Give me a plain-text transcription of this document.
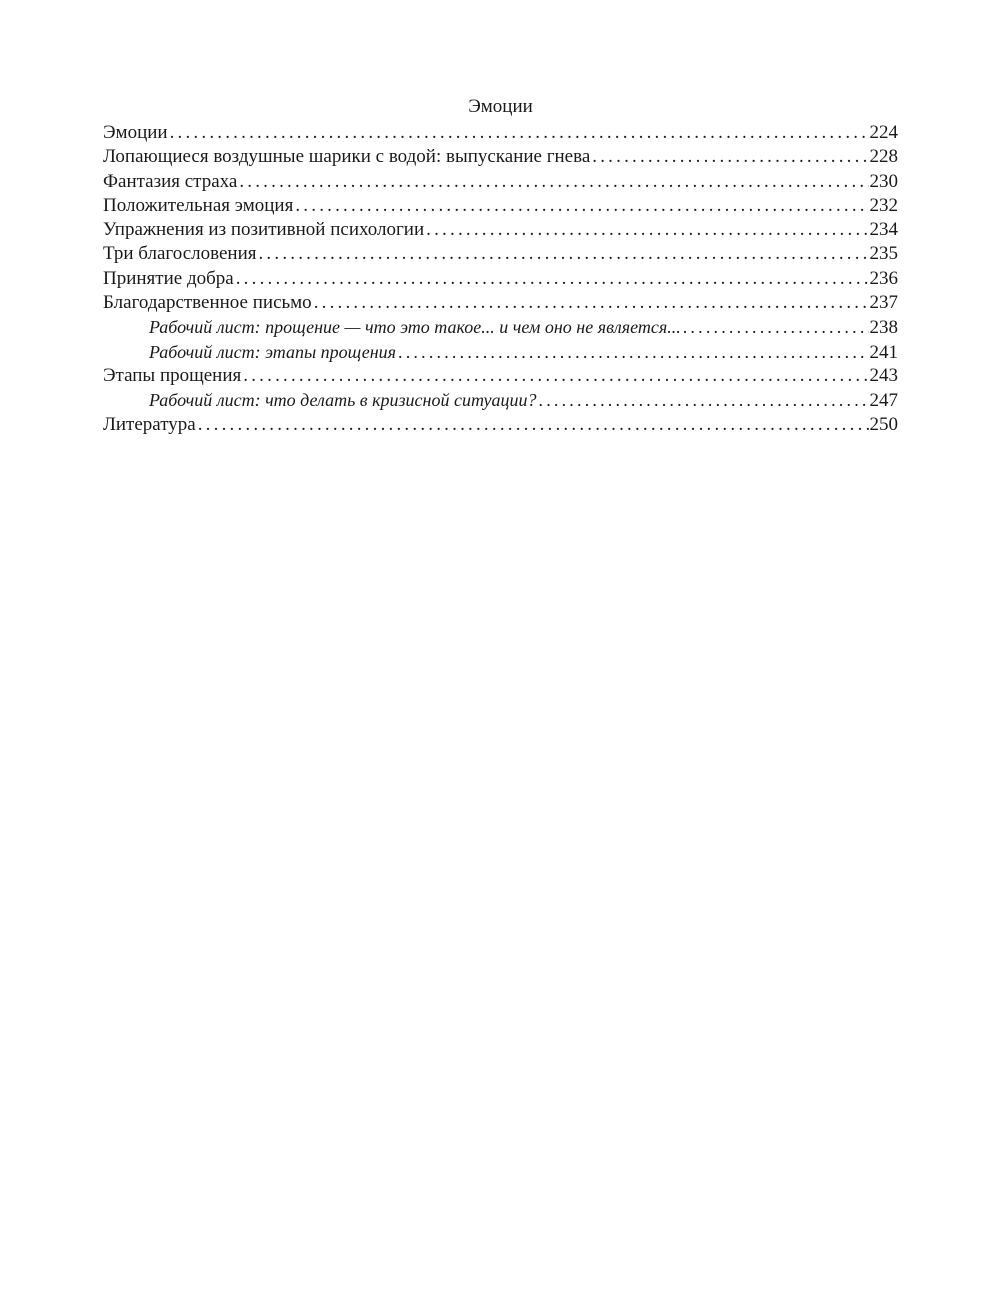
Эмоции
Эмоции .....	224
Лопающиеся воздушные шарики с водой: выпускание гнева .....	228
Фантазия страха .....	230
Положительная эмоция .....	232
Упражнения из позитивной психологии .....	234
Три благословения .....	235
Принятие добра .....	236
Благодарственное письмо .....	237
Рабочий лист: прощение — что это такое... и чем оно не является... .....	238
Рабочий лист: этапы прощения .....	241
Этапы прощения .....	243
Рабочий лист: что делать в кризисной ситуации? .....	247
Литература .....	250
